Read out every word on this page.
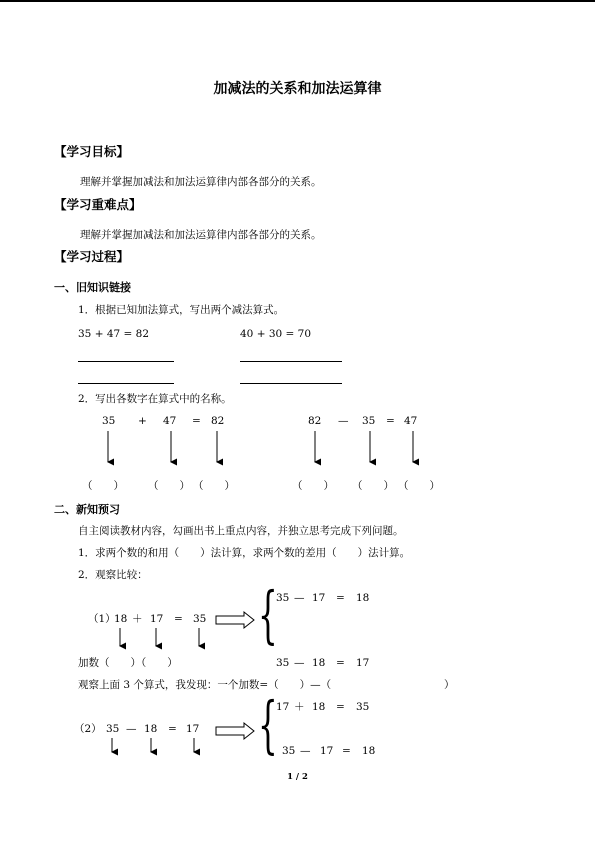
加减法的关系和加法运算律
【学习目标】
理解并掌握加减法和加法运算律内部各部分的关系。
【学习重难点】
理解并掌握加减法和加法运算律内部各部分的关系。
【学习过程】
一、旧知识链接
1．根据已知加法算式，写出两个减法算式。
35 + 47 = 82	40 + 30 = 70
2．写出各数字在算式中的名称。
35 + 47 = 82	82 — 35 = 47
（　　） （　　） （　　）	（　　） （　　） （　　）
二、新知预习
自主阅读教材内容，勾画出书上重点内容，并独立思考完成下列问题。
1．求两个数的和用（　　）法计算，求两个数的差用（　　）法计算。
2．观察比较：
（1）
18 ＋ 17 = 35 {
35 — 17 = 18
35 — 18 = 17
加数（　　）（　　）
观察上面 3 个算式，我发现：一个加数=（　　）—（	）
（2） 35 — 18 = 17 {
17 ＋ 18 = 35
35 — 17 = 18
1 / 2
